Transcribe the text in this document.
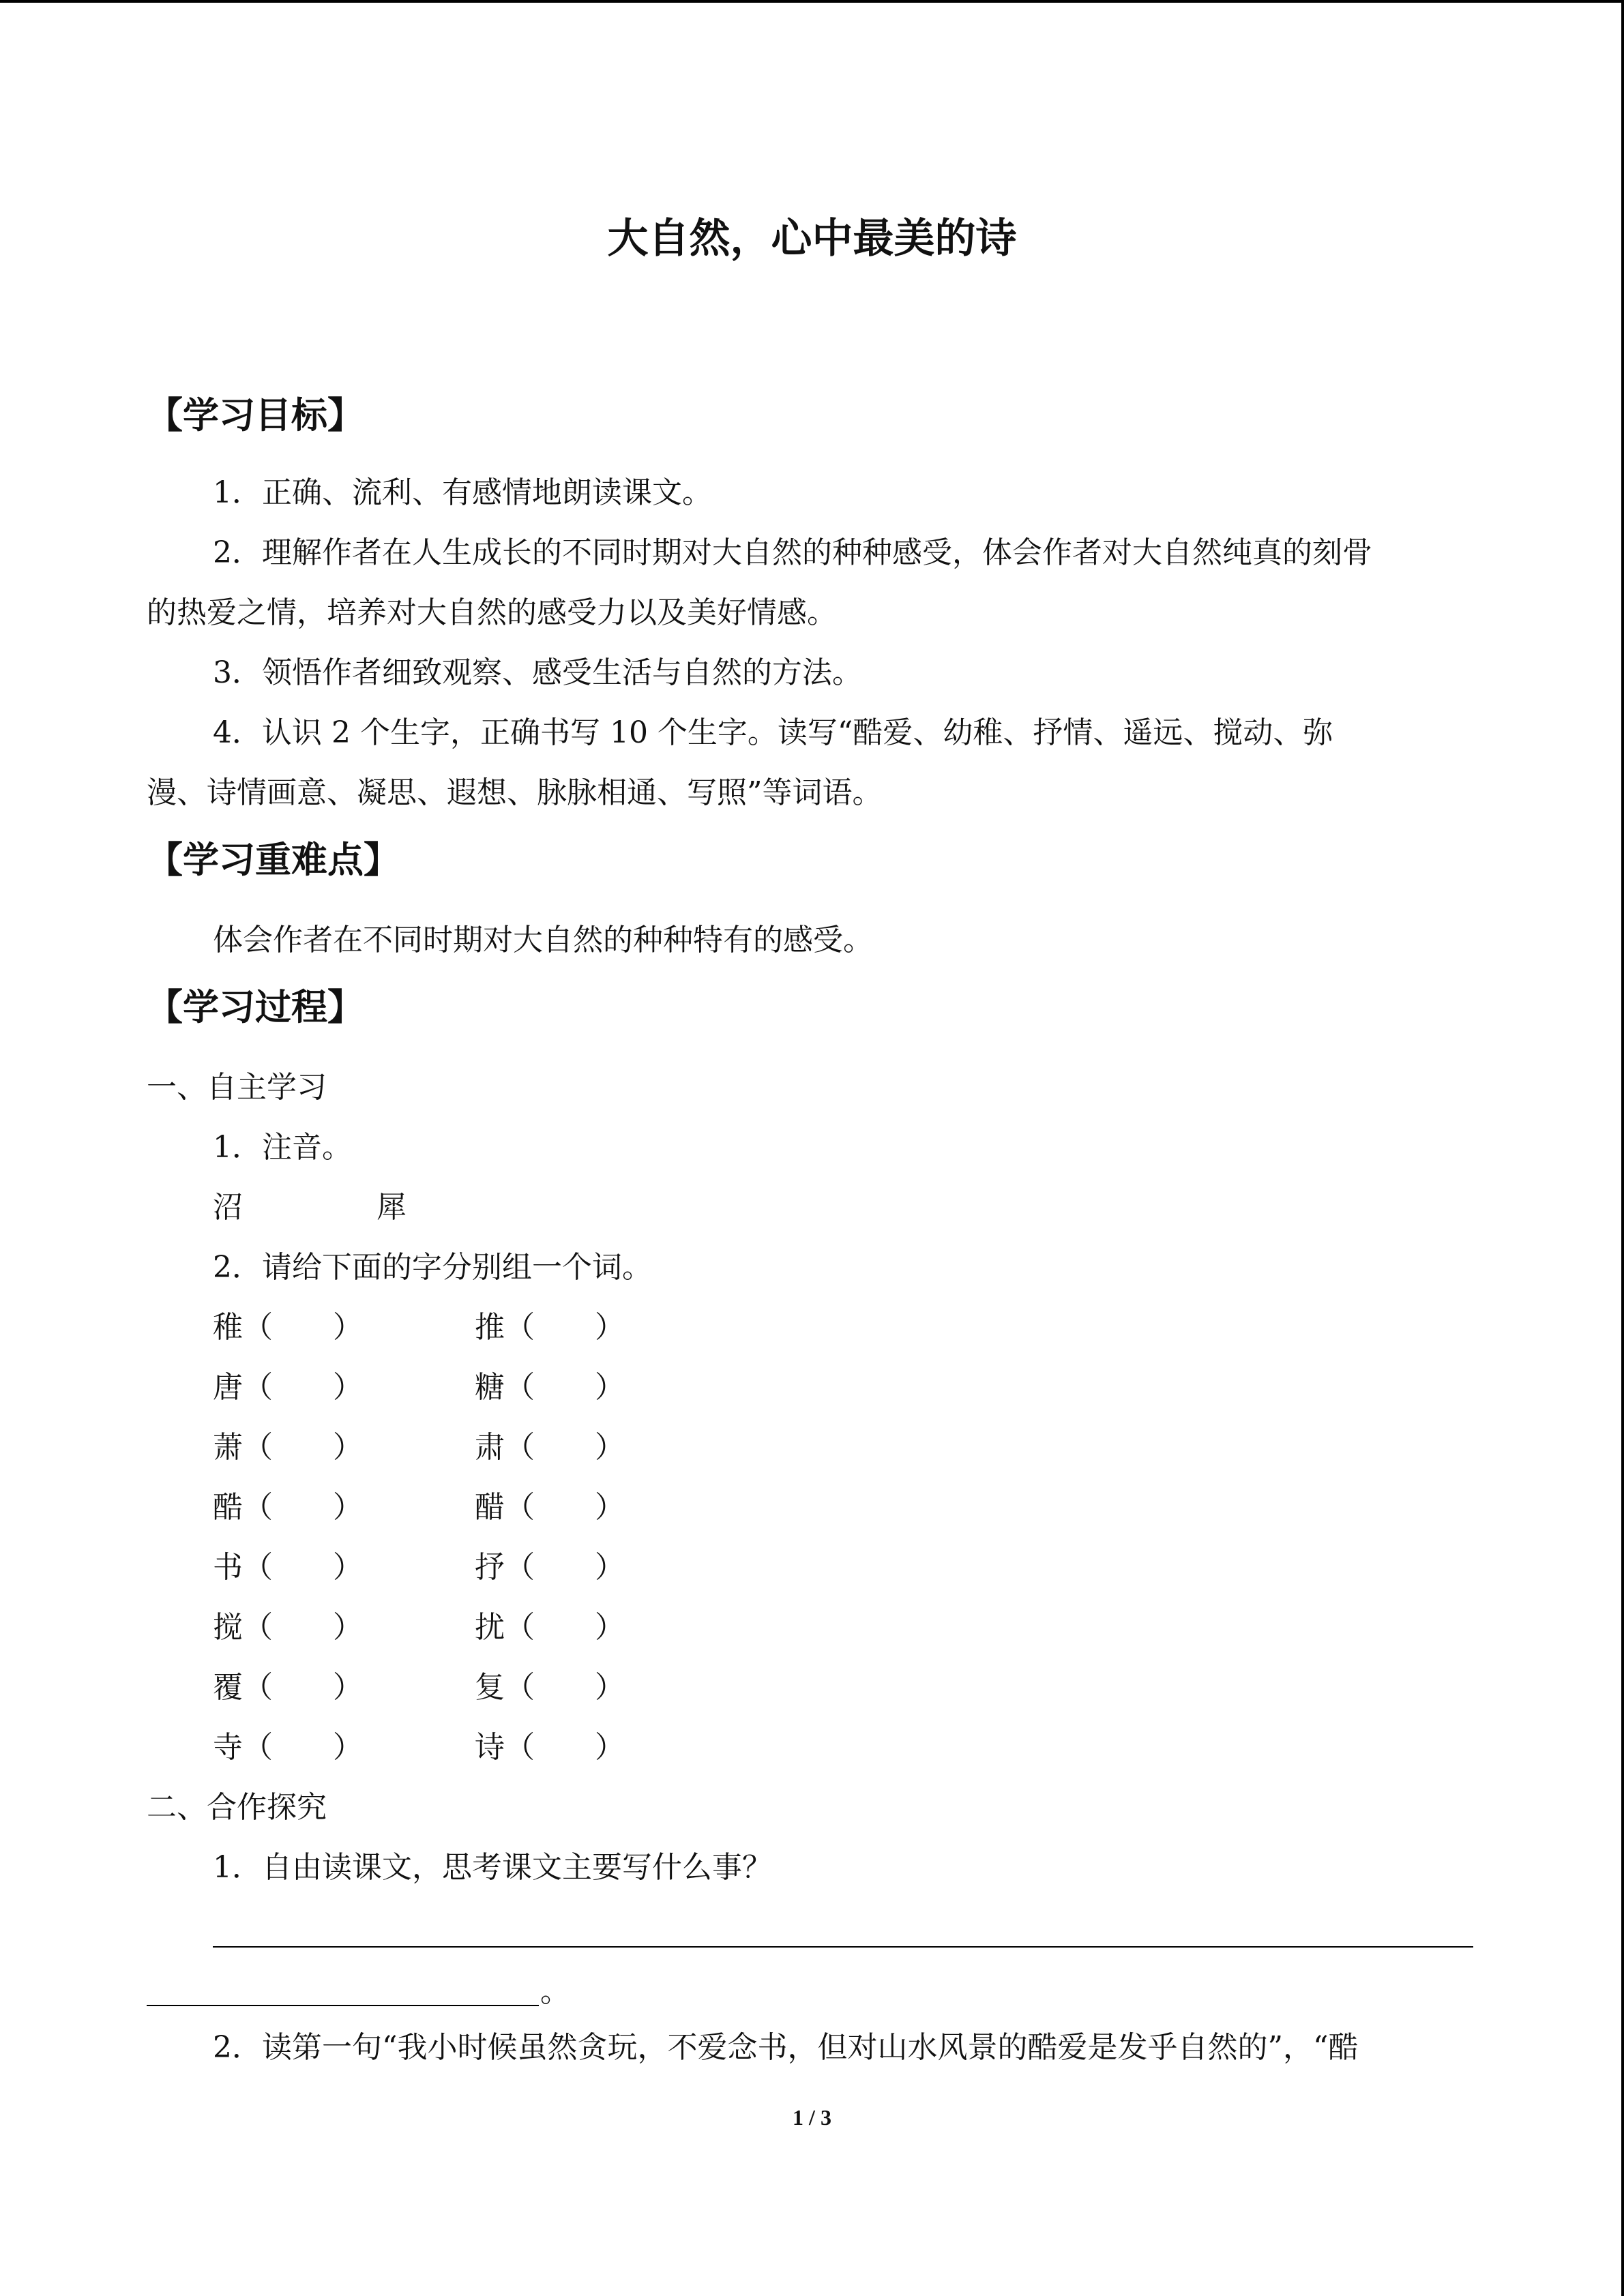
大自然，心中最美的诗
【学习目标】
1．正确、流利、有感情地朗读课文。
2．理解作者在人生成长的不同时期对大自然的种种感受，体会作者对大自然纯真的刻骨
的热爱之情，培养对大自然的感受力以及美好情感。
3．领悟作者细致观察、感受生活与自然的方法。
4．认识 2 个生字，正确书写 10 个生字。读写“酷爱、幼稚、抒情、遥远、搅动、弥
漫、诗情画意、凝思、遐想、脉脉相通、写照”等词语。
【学习重难点】
体会作者在不同时期对大自然的种种特有的感受。
【学习过程】
一、自主学习
1．注音。
沼	犀
2．请给下面的字分别组一个词。
稚（　　）	推（　　）
唐（　　）	糖（　　）
萧（　　）	肃（　　）
酷（　　）	醋（　　）
书（　　）	抒（　　）
搅（　　）	扰（　　）
覆（　　）	复（　　）
寺（　　）	诗（　　）
二、合作探究
1．自由读课文，思考课文主要写什么事？
。
2．读第一句“我小时候虽然贪玩，不爱念书，但对山水风景的酷爱是发乎自然的”，“酷
1 / 3
